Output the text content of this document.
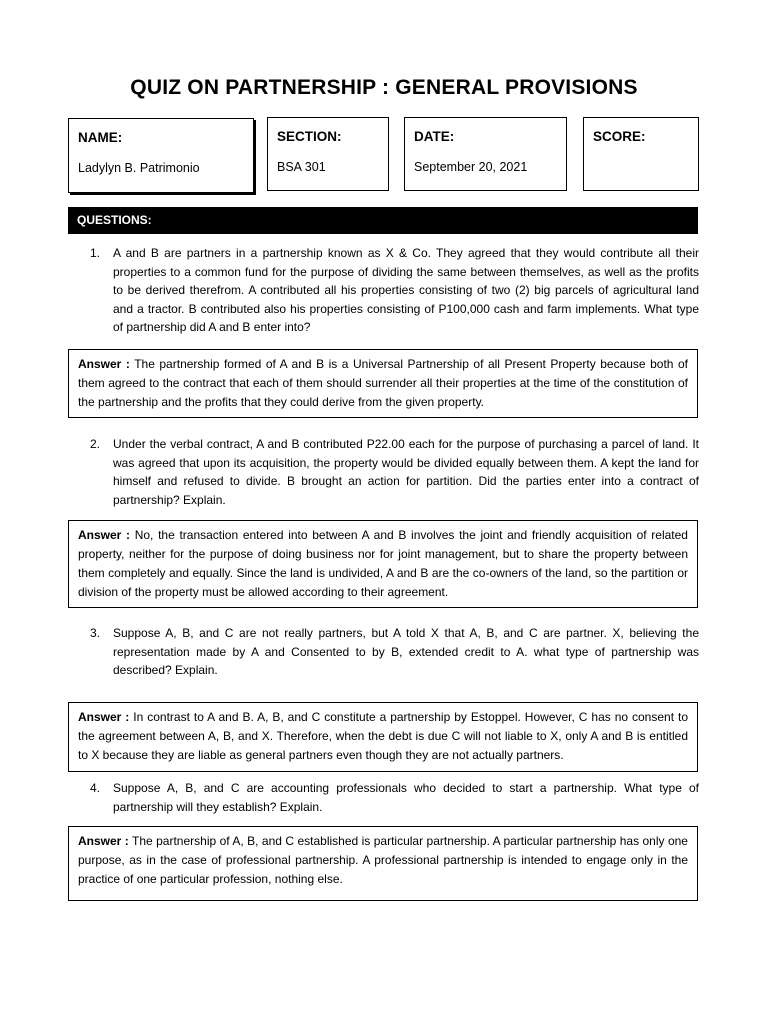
QUIZ ON PARTNERSHIP : GENERAL PROVISIONS
NAME:
Ladylyn B. Patrimonio
SECTION:
BSA 301
DATE:
September 20, 2021
SCORE:
QUESTIONS:
1.	A and B are partners in a partnership known as X & Co. They agreed that they would contribute all their properties to a common fund for the purpose of dividing the same between themselves, as well as the profits to be derived therefrom. A contributed all his properties consisting of two (2) big parcels of agricultural land and a tractor. B contributed also his properties consisting of P100,000 cash and farm implements. What type of partnership did A and B enter into?
Answer : The partnership formed of A and B is a Universal Partnership of all Present Property because both of them agreed to the contract that each of them should surrender all their properties at the time of the constitution of the partnership and the profits that they could derive from the given property.
2.	Under the verbal contract, A and B contributed P22.00 each for the purpose of purchasing a parcel of land. It was agreed that upon its acquisition, the property would be divided equally between them. A kept the land for himself and refused to divide. B brought an action for partition. Did the parties enter into a contract of partnership? Explain.
Answer : No, the transaction entered into between A and B involves the joint and friendly acquisition of related property, neither for the purpose of doing business nor for joint management, but to share the property between them completely and equally. Since the land is undivided, A and B are the co-owners of the land, so the partition or division of the property must be allowed according to their agreement.
3.	Suppose A, B, and C are not really partners, but A told X that A, B, and C are partner. X, believing the representation made by A and Consented to by B, extended credit to A. what type of partnership was described? Explain.
Answer : In contrast to A and B. A, B, and C constitute a partnership by Estoppel. However, C has no consent to the agreement between A, B, and X. Therefore, when the debt is due C will not liable to X, only A and B is entitled to X because they are liable as general partners even though they are not actually partners.
4.	Suppose A, B, and C are accounting professionals who decided to start a partnership. What type of partnership will they establish? Explain.
Answer : The partnership of A, B, and C established is particular partnership. A particular partnership has only one purpose, as in the case of professional partnership. A professional partnership is intended to engage only in the practice of one particular profession, nothing else.
